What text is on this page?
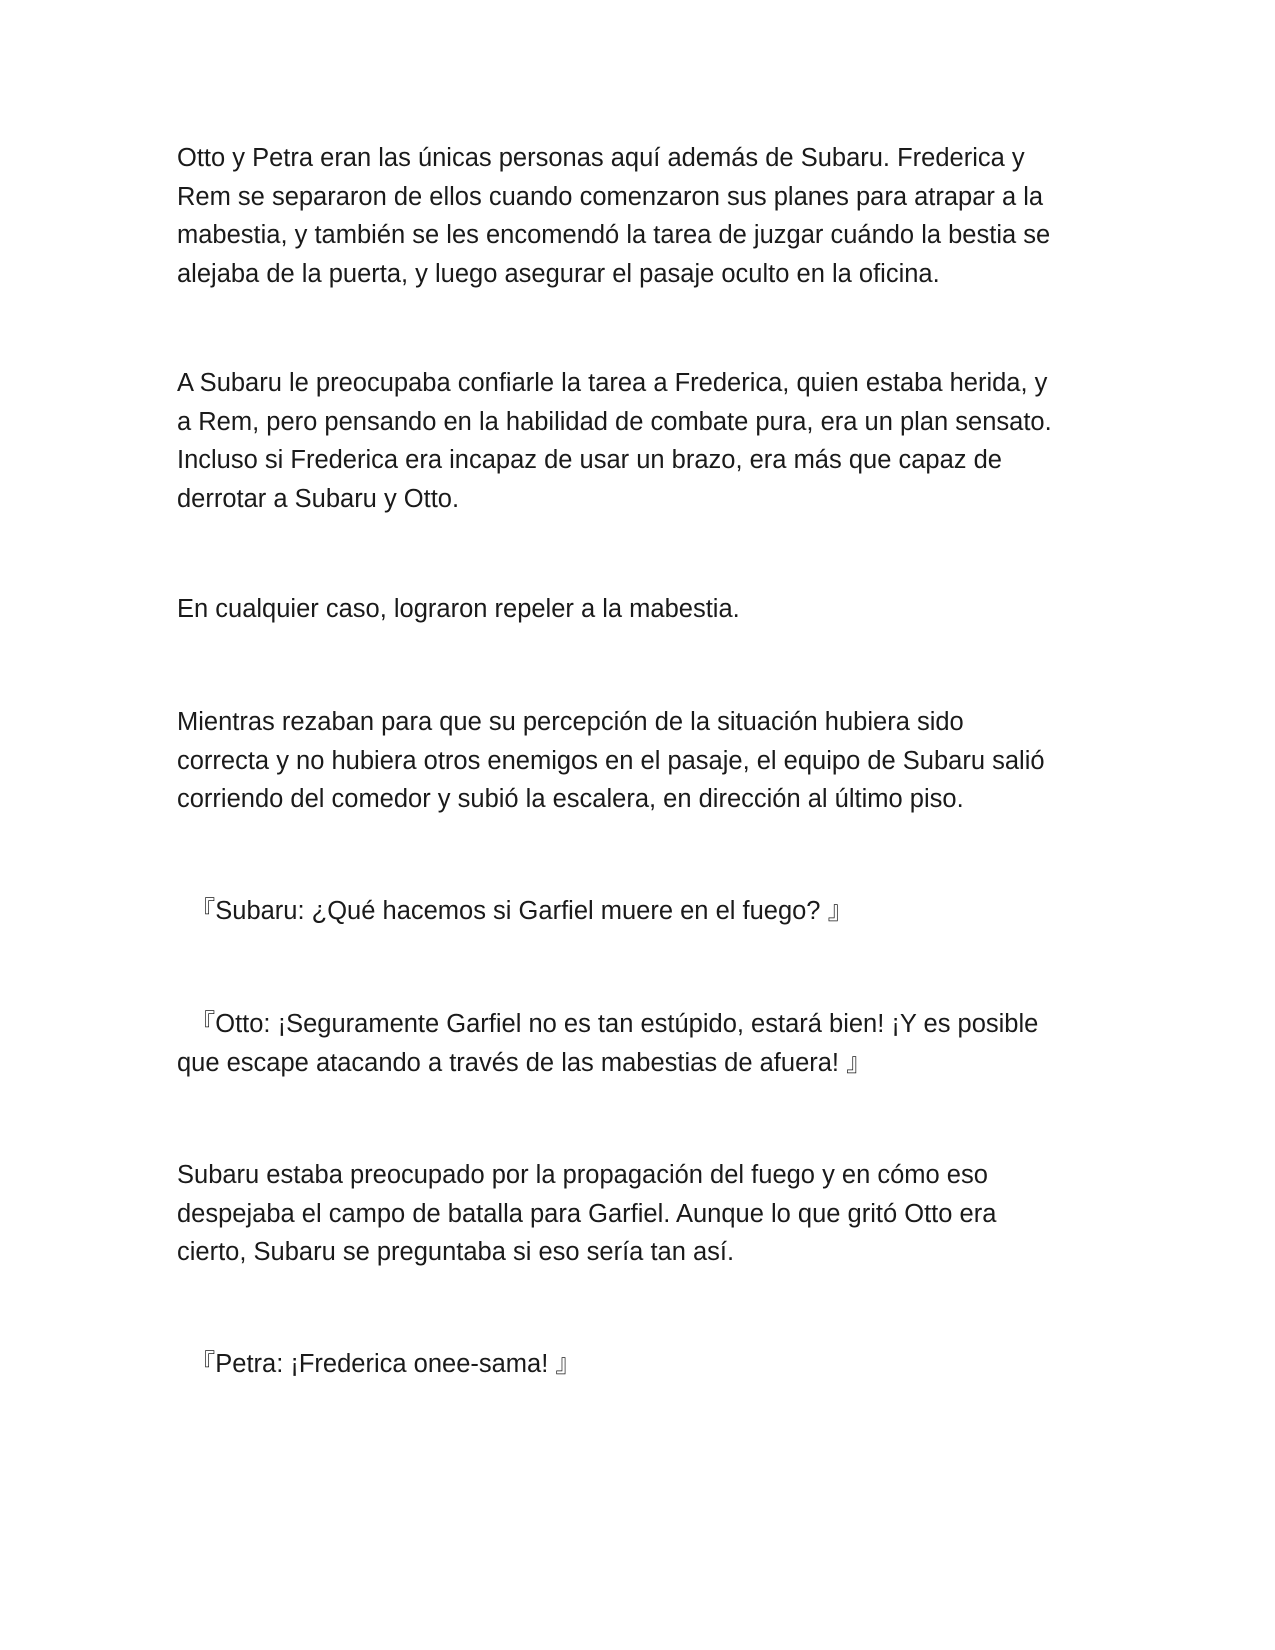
Otto y Petra eran las únicas personas aquí además de Subaru. Frederica y
Rem se separaron de ellos cuando comenzaron sus planes para atrapar a la
mabestia, y también se les encomendó la tarea de juzgar cuándo la bestia se
alejaba de la puerta, y luego asegurar el pasaje oculto en la oficina.

A Subaru le preocupaba confiarle la tarea a Frederica, quien estaba herida, y
a Rem, pero pensando en la habilidad de combate pura, era un plan sensato.
Incluso si Frederica era incapaz de usar un brazo, era más que capaz de
derrotar a Subaru y Otto.

En cualquier caso, lograron repeler a la mabestia.

Mientras rezaban para que su percepción de la situación hubiera sido
correcta y no hubiera otros enemigos en el pasaje, el equipo de Subaru salió
corriendo del comedor y subió la escalera, en dirección al último piso.

　『Subaru: ¿Qué hacemos si Garfiel muere en el fuego? 』

　『Otto: ¡Seguramente Garfiel no es tan estúpido, estará bien! ¡Y es posible
que escape atacando a través de las mabestias de afuera! 』

Subaru estaba preocupado por la propagación del fuego y en cómo eso
despejaba el campo de batalla para Garfiel. Aunque lo que gritó Otto era
cierto, Subaru se preguntaba si eso sería tan así.

　『Petra: ¡Frederica onee-sama! 』
